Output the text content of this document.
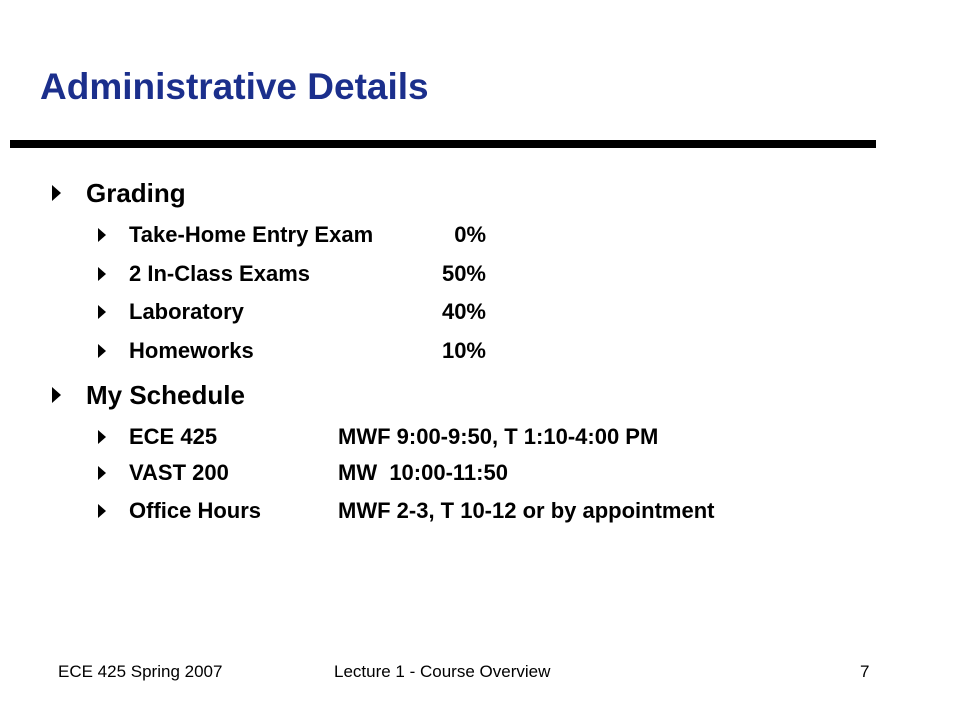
Administrative Details
Grading
Take-Home Entry Exam	0%
2 In-Class Exams	50%
Laboratory	40%
Homeworks	10%
My Schedule
ECE 425	MWF 9:00-9:50, T 1:10-4:00 PM
VAST 200	MW  10:00-11:50
Office Hours	MWF 2-3, T 10-12 or by appointment
ECE 425 Spring 2007	Lecture 1 - Course Overview	7
